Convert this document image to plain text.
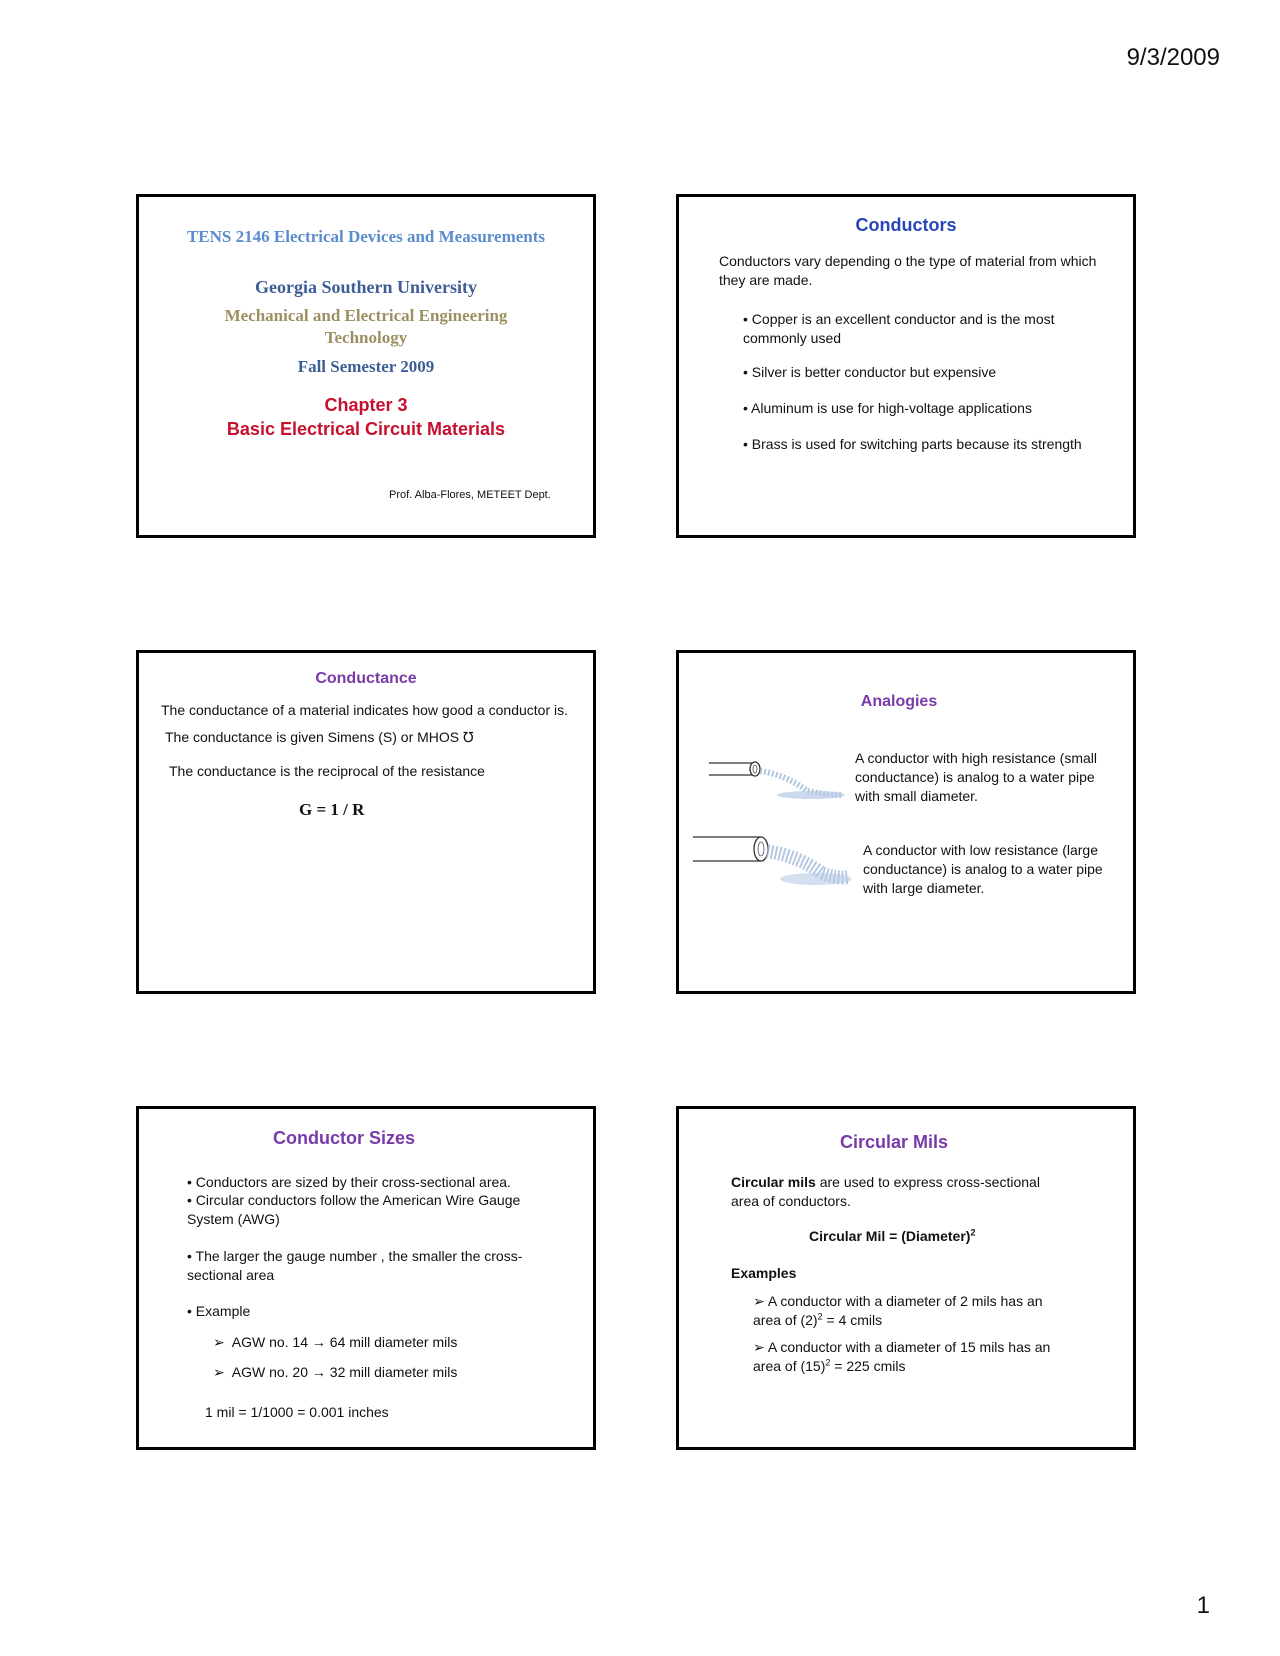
9/3/2009
TENS 2146 Electrical Devices and Measurements
Georgia Southern University
Mechanical and Electrical Engineering Technology
Fall Semester 2009
Chapter 3
Basic Electrical Circuit Materials
Prof. Alba-Flores, METEET Dept.
Conductors
Conductors vary depending o the type of material from which they are made.
• Copper is an excellent conductor and is the most commonly used
• Silver is better conductor but expensive
• Aluminum is use for high-voltage applications
• Brass is used for switching parts because its strength
Conductance
The conductance of a material indicates how good a conductor is.
The conductance is given Simens (S) or MHOS ℧
The conductance is the reciprocal of the resistance
G = 1 / R
Analogies
A conductor with high resistance (small conductance) is analog to a water pipe with small diameter.
A conductor with low resistance (large conductance) is analog to a water pipe with large diameter.
Conductor Sizes
• Conductors are sized by their cross-sectional area.
• Circular conductors follow the American Wire Gauge System (AWG)
• The larger the gauge number , the smaller the cross-sectional area
• Example
➢  AGW no. 14 → 64 mill diameter mils
➢  AGW no. 20 → 32 mill diameter mils
1 mil = 1/1000 = 0.001 inches
Circular Mils
Circular mils are used to express cross-sectional area of conductors.
Circular Mil = (Diameter)$^2$
Examples
➢ A conductor with a diameter of 2 mils has an area of $(2)^2 = 4$ cmils
➢ A conductor with a diameter of 15 mils has an area of $(15)^2 = 225$ cmils
1
